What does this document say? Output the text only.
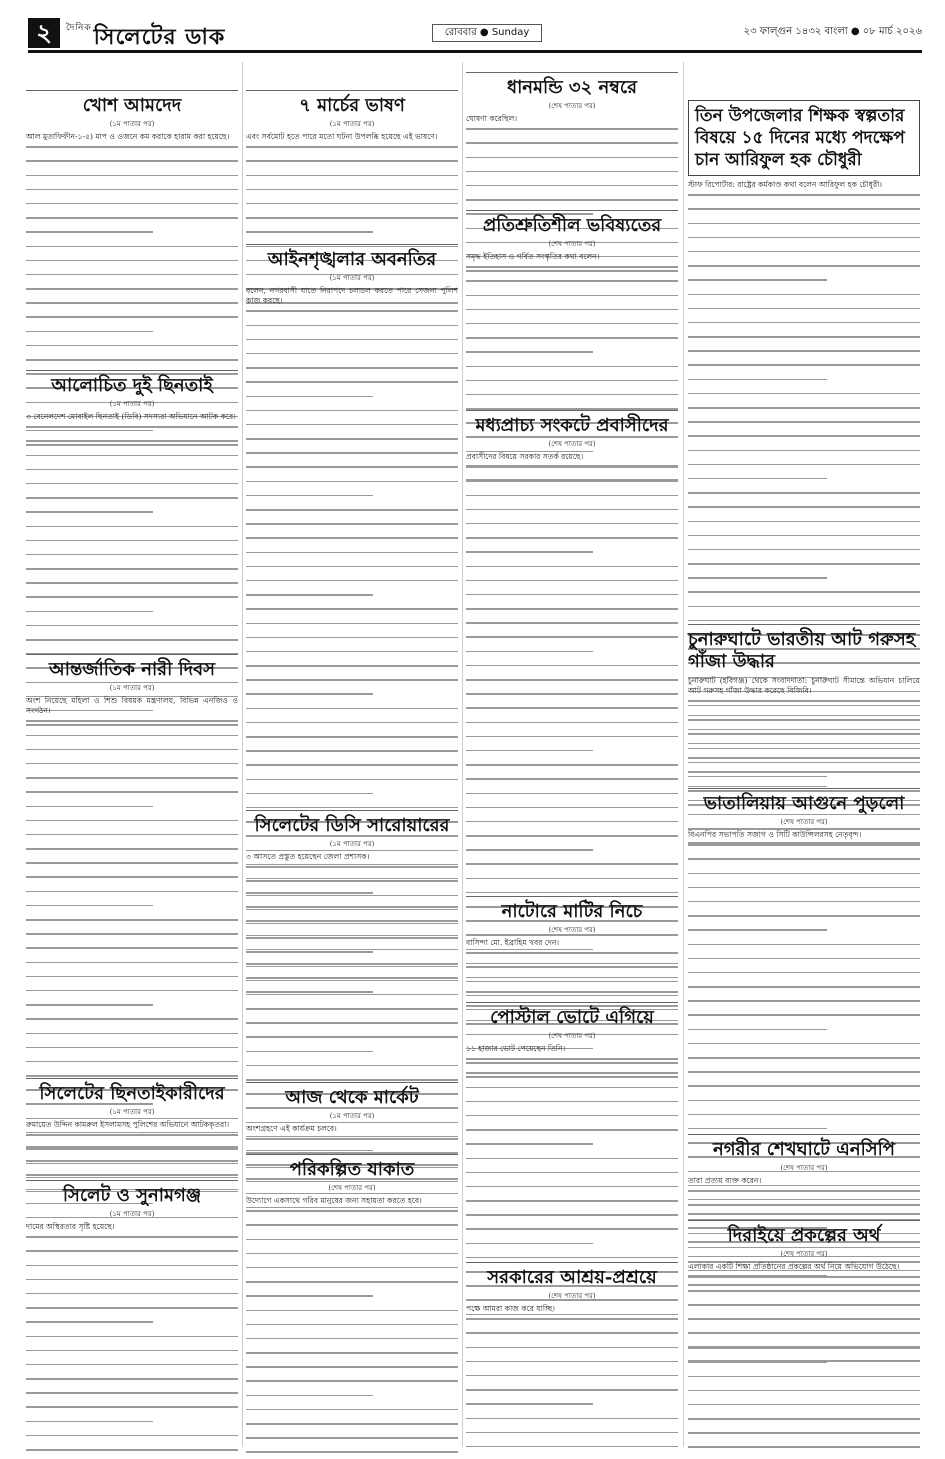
২	$^{দৈনিক}$সিলেটের ডাক	রোববার ● Sunday	২৩ ফাল্গুন ১৪৩২ বাংলা ● ০৮ মার্চ ২০২৬
খোশ আমদেদ
(১ম পাতার পর)
আল মুতাফিফীন-১-৫) মাপ ও ওজনে কম করাকে হারাম করা হয়েছে।
আলোচিত দুই ছিনতাই
(১ম পাতার পর)
৩ বেনেলদেশ মোবাইল ছিনতাই (ডিবি) সদস্যরা অভিযানে আটক করে।
আন্তর্জাতিক নারী দিবস
(১ম পাতার পর)
অংশ নিয়েছে মহিলা ও শিশু বিষয়ক মন্ত্রণালয়, বিভিন্ন এনজিও ও সংগঠন।
সিলেটের ছিনতাইকারীদের
(১ম পাতার পর)
রুমায়েত উদ্দিন কামরুল ইসলামসহ পুলিশের অভিযানে আটককৃতরা।
সিলেট ও সুনামগঞ্জ
(১ম পাতার পর)
দামের অস্থিরতার সৃষ্টি হয়েছে।
৭ মার্চের ভাষণ
(১ম পাতার পর)
এবং সর্বমোট হতে পারে মতো ঘটনা উপলব্ধি হয়েছে এই ভাষণে।
আইনশৃঙ্খলার অবনতির
(১ম পাতার পর)
বলেন, নগরবাসী যাতে নিরাপদে চলাচল করতে পারে সেজন্য পুলিশ কাজ করছে।
সিলেটের ডিসি সারোয়ারের
(১ম পাতার পর)
৩ আসতে প্রস্তুত হয়েছেন জেলা প্রশাসক।
আজ থেকে মার্কেট
(১ম পাতার পর)
অংশগ্রহণে এই কার্যক্রম চলবে।
পরিকল্পিত যাকাত
(শেষ পাতার পর)
উদ্যোগে একসাথে গরিব মানুষের জন্য সহায়তা করতে হবে।
ধানমন্ডি ৩২ নম্বরে
(শেষ পাতার পর)
ঘোষণা করেছিল।
প্রতিশ্রুতিশীল ভবিষ্যতের
(শেষ পাতার পর)
সমৃদ্ধ ইতিহাস ও গর্বিত সংস্কৃতির কথা বলেন।
মধ্যপ্রাচ্য সংকটে প্রবাসীদের
(শেষ পাতার পর)
প্রবাসীদের বিষয়ে সরকার সতর্ক রয়েছে।
নাটোরে মাটির নিচে
(শেষ পাতার পর)
বাসিন্দা মো. ইব্রাহিম খবর দেন।
পোস্টাল ভোটে এগিয়ে
(শেষ পাতার পর)
১১ হাজার ভোট পেয়েছেন তিনি।
সরকারের আশ্রয়-প্রশ্রয়ে
(শেষ পাতার পর)
পক্ষে আমরা কাজ করে যাচ্ছি।
তিন উপজেলার শিক্ষক স্বল্পতার বিষয়ে ১৫ দিনের মধ্যে পদক্ষেপ চান আরিফুল হক চৌধুরী
স্টাফ রিপোর্টার: রাষ্ট্রের কর্মকাণ্ড কথা বলেন আরিফুল হক চৌধুরী।
চুনারুঘাটে ভারতীয় আট গরুসহ গাঁজা উদ্ধার
চুনারুঘাট (হবিগঞ্জ) থেকে সংবাদদাতা: চুনারুঘাট সীমান্তে অভিযান চালিয়ে আট গরুসহ গাঁজা উদ্ধার করেছে বিজিবি।
ভাতালিয়ায় আগুনে পুড়লো
(শেষ পাতার পর)
বিএনপির সভাপতি সজাগ ও সিটি কাউন্সিলরসহ নেতৃবৃন্দ।
নগরীর শেখঘাটে এনসিপি
(শেষ পাতার পর)
তারা প্রত্যয় ব্যক্ত করেন।
দিরাইয়ে প্রকল্পের অর্থ
(শেষ পাতার পর)
এলাকার একটি শিক্ষা প্রতিষ্ঠানের প্রকল্পের অর্থ নিয়ে অভিযোগ উঠেছে।
